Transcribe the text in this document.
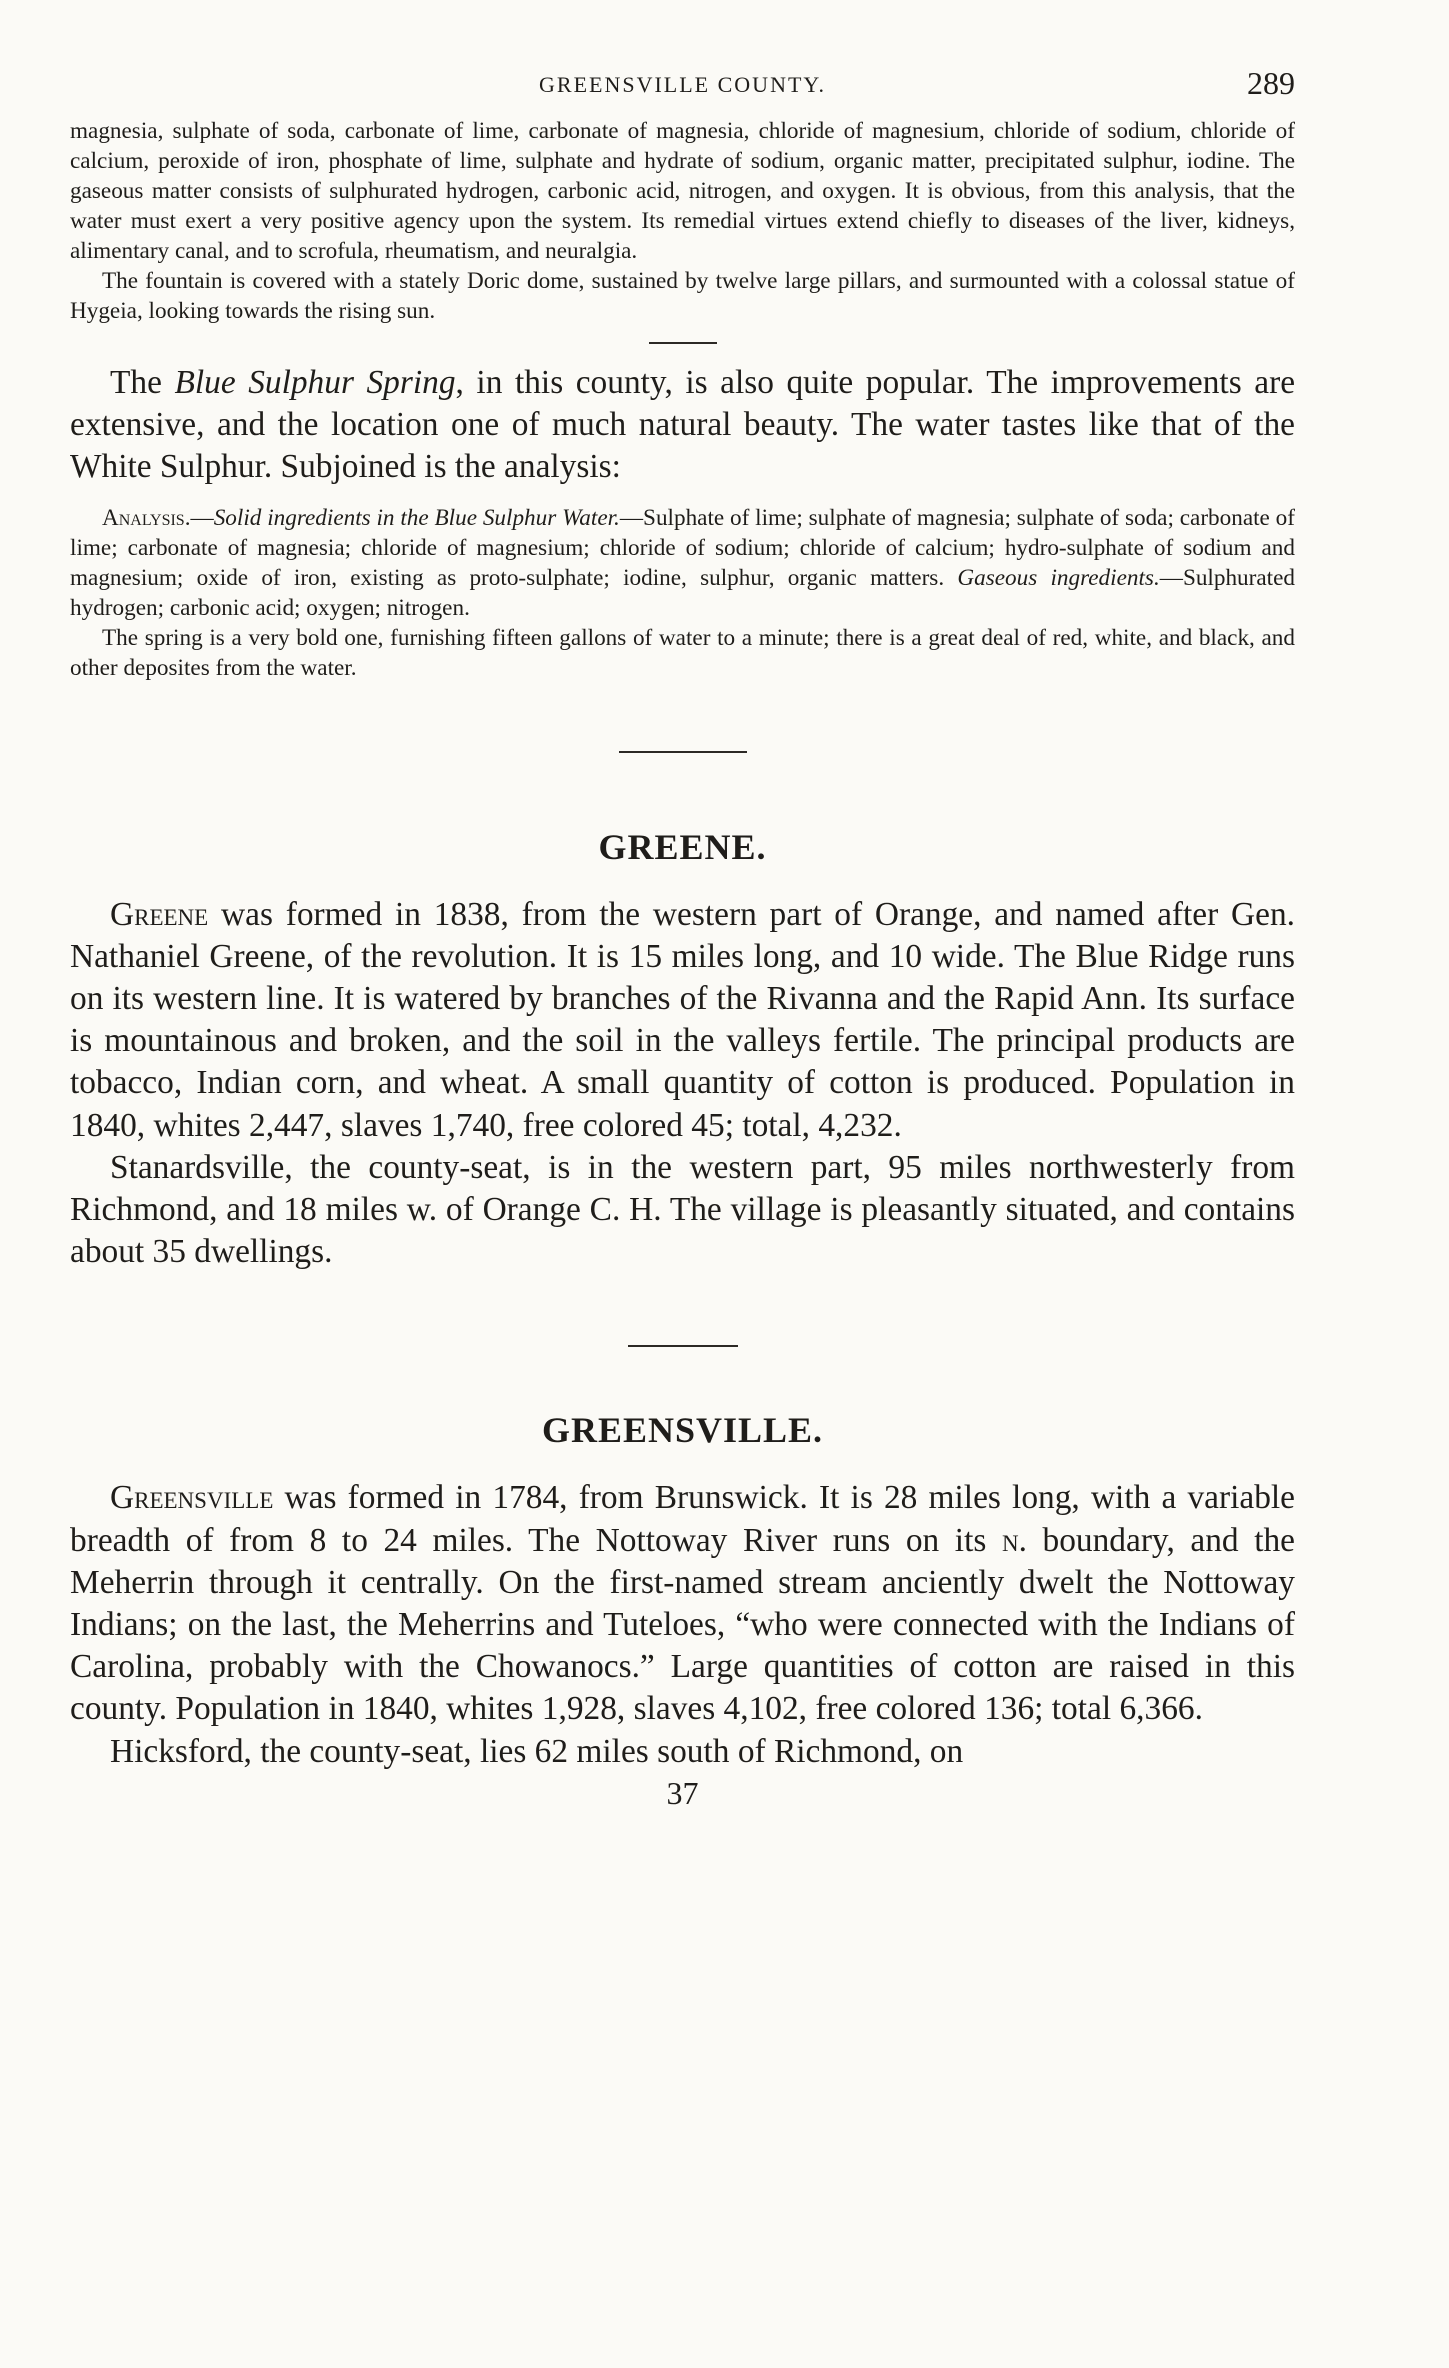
GREENSVILLE COUNTY.	289

magnesia, sulphate of soda, carbonate of lime, carbonate of magnesia, chloride of magnesium, chloride of sodium, chloride of calcium, peroxide of iron, phosphate of lime, sulphate and hydrate of sodium, organic matter, precipitated sulphur, iodine. The gaseous matter consists of sulphurated hydrogen, carbonic acid, nitrogen, and oxygen. It is obvious, from this analysis, that the water must exert a very positive agency upon the system. Its remedial virtues extend chiefly to diseases of the liver, kidneys, alimentary canal, and to scrofula, rheumatism, and neuralgia.

The fountain is covered with a stately Doric dome, sustained by twelve large pillars, and surmounted with a colossal statue of Hygeia, looking towards the rising sun.

The Blue Sulphur Spring, in this county, is also quite popular. The improvements are extensive, and the location one of much natural beauty. The water tastes like that of the White Sulphur. Subjoined is the analysis:

Analysis.—Solid ingredients in the Blue Sulphur Water.—Sulphate of lime; sulphate of magnesia; sulphate of soda; carbonate of lime; carbonate of magnesia; chloride of magnesium; chloride of sodium; chloride of calcium; hydro-sulphate of sodium and magnesium; oxide of iron, existing as proto-sulphate; iodine, sulphur, organic matters. Gaseous ingredients.—Sulphurated hydrogen; carbonic acid; oxygen; nitrogen.

The spring is a very bold one, furnishing fifteen gallons of water to a minute; there is a great deal of red, white, and black, and other deposites from the water.

GREENE.

Greene was formed in 1838, from the western part of Orange, and named after Gen. Nathaniel Greene, of the revolution. It is 15 miles long, and 10 wide. The Blue Ridge runs on its western line. It is watered by branches of the Rivanna and the Rapid Ann. Its surface is mountainous and broken, and the soil in the valleys fertile. The principal products are tobacco, Indian corn, and wheat. A small quantity of cotton is produced. Population in 1840, whites 2,447, slaves 1,740, free colored 45; total, 4,232.

Stanardsville, the county-seat, is in the western part, 95 miles northwesterly from Richmond, and 18 miles w. of Orange C. H. The village is pleasantly situated, and contains about 35 dwellings.

GREENSVILLE.

Greensville was formed in 1784, from Brunswick. It is 28 miles long, with a variable breadth of from 8 to 24 miles. The Nottoway River runs on its n. boundary, and the Meherrin through it centrally. On the first-named stream anciently dwelt the Nottoway Indians; on the last, the Meherrins and Tuteloes, “who were connected with the Indians of Carolina, probably with the Chowanocs.” Large quantities of cotton are raised in this county. Population in 1840, whites 1,928, slaves 4,102, free colored 136; total 6,366.

Hicksford, the county-seat, lies 62 miles south of Richmond, on

37
